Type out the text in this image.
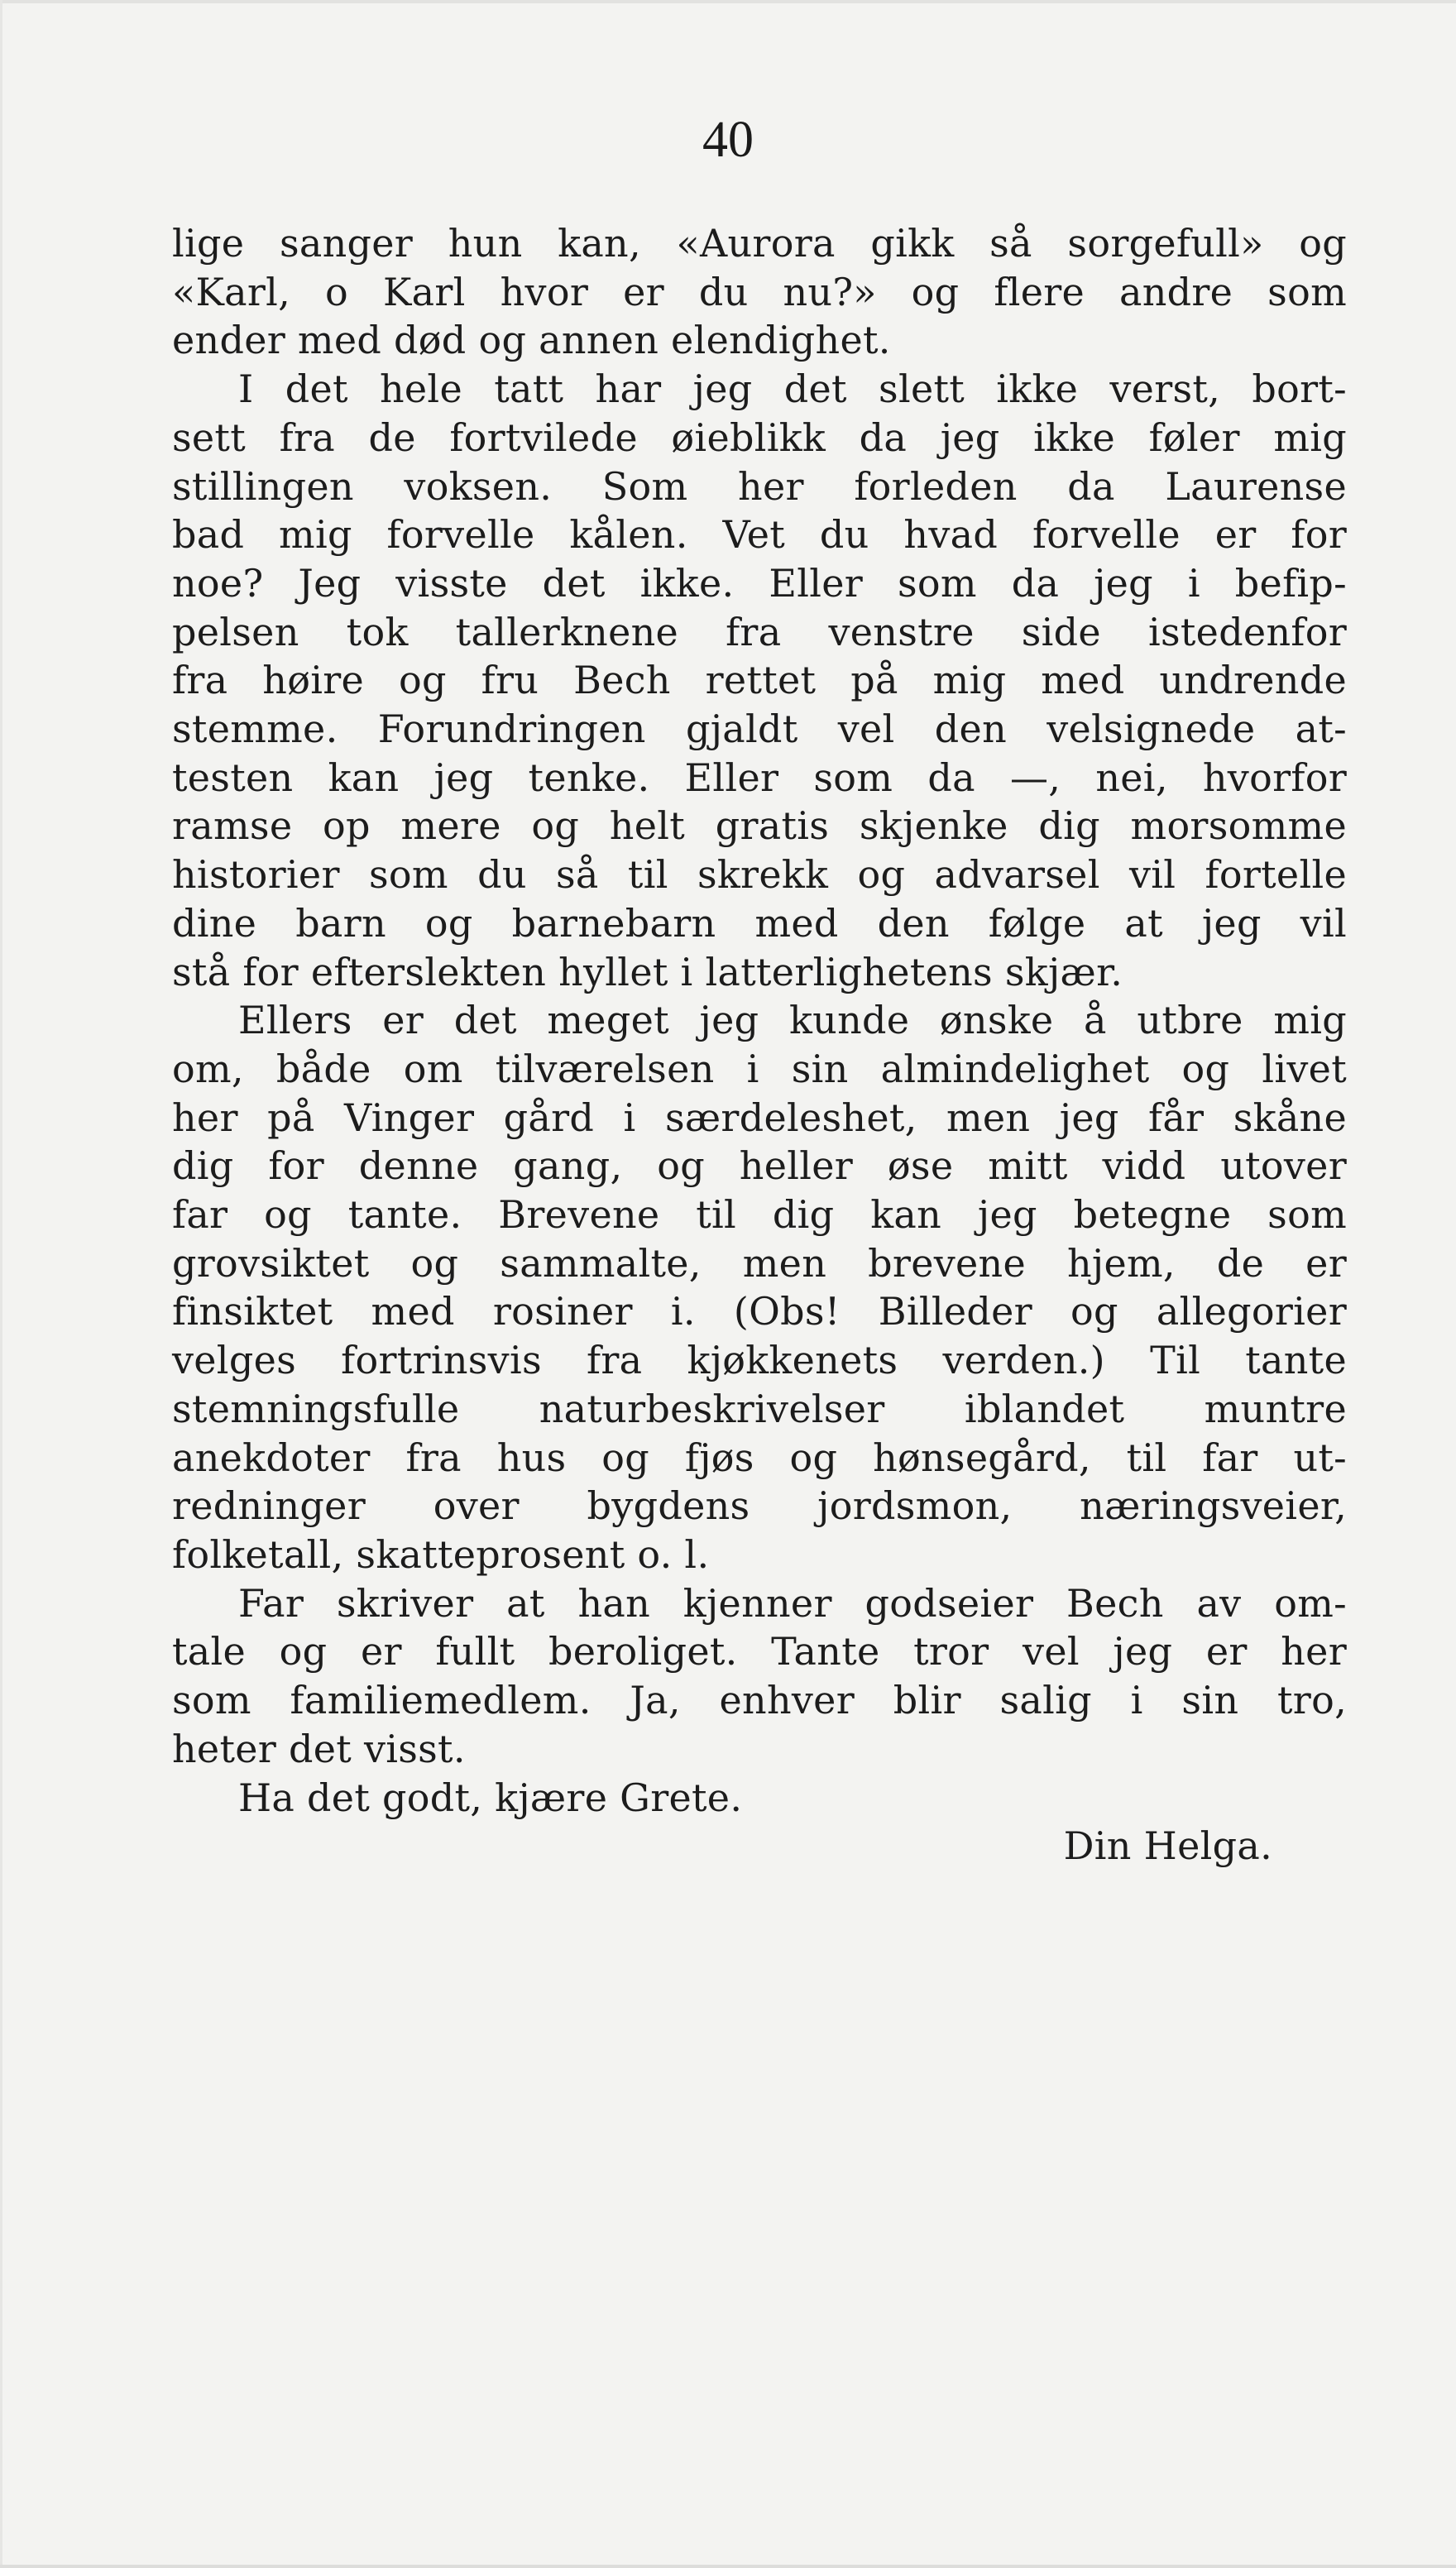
40

lige sanger hun kan, «Aurora gikk så sorgefull» og
«Karl, o Karl hvor er du nu?» og flere andre som
ender med død og annen elendighet.

I det hele tatt har jeg det slett ikke verst, bort-
sett fra de fortvilede øieblikk da jeg ikke føler mig
stillingen voksen. Som her forleden da Laurense
bad mig forvelle kålen. Vet du hvad forvelle er for
noe? Jeg visste det ikke. Eller som da jeg i befip-
pelsen tok tallerknene fra venstre side istedenfor
fra høire og fru Bech rettet på mig med undrende
stemme. Forundringen gjaldt vel den velsignede at-
testen kan jeg tenke. Eller som da —, nei, hvorfor
ramse op mere og helt gratis skjenke dig morsomme
historier som du så til skrekk og advarsel vil fortelle
dine barn og barnebarn med den følge at jeg vil
stå for efterslekten hyllet i latterlighetens skjær.

Ellers er det meget jeg kunde ønske å utbre mig
om, både om tilværelsen i sin almindelighet og livet
her på Vinger gård i særdeleshet, men jeg får skåne
dig for denne gang, og heller øse mitt vidd utover
far og tante. Brevene til dig kan jeg betegne som
grovsiktet og sammalte, men brevene hjem, de er
finsiktet med rosiner i. (Obs! Billeder og allegorier
velges fortrinsvis fra kjøkkenets verden.) Til tante
stemningsfulle naturbeskrivelser iblandet muntre
anekdoter fra hus og fjøs og hønsegård, til far ut-
redninger over bygdens jordsmon, næringsveier,
folketall, skatteprosent o. l.

Far skriver at han kjenner godseier Bech av om-
tale og er fullt beroliget. Tante tror vel jeg er her
som familiemedlem. Ja, enhver blir salig i sin tro,
heter det visst.

Ha det godt, kjære Grete.

Din Helga.
